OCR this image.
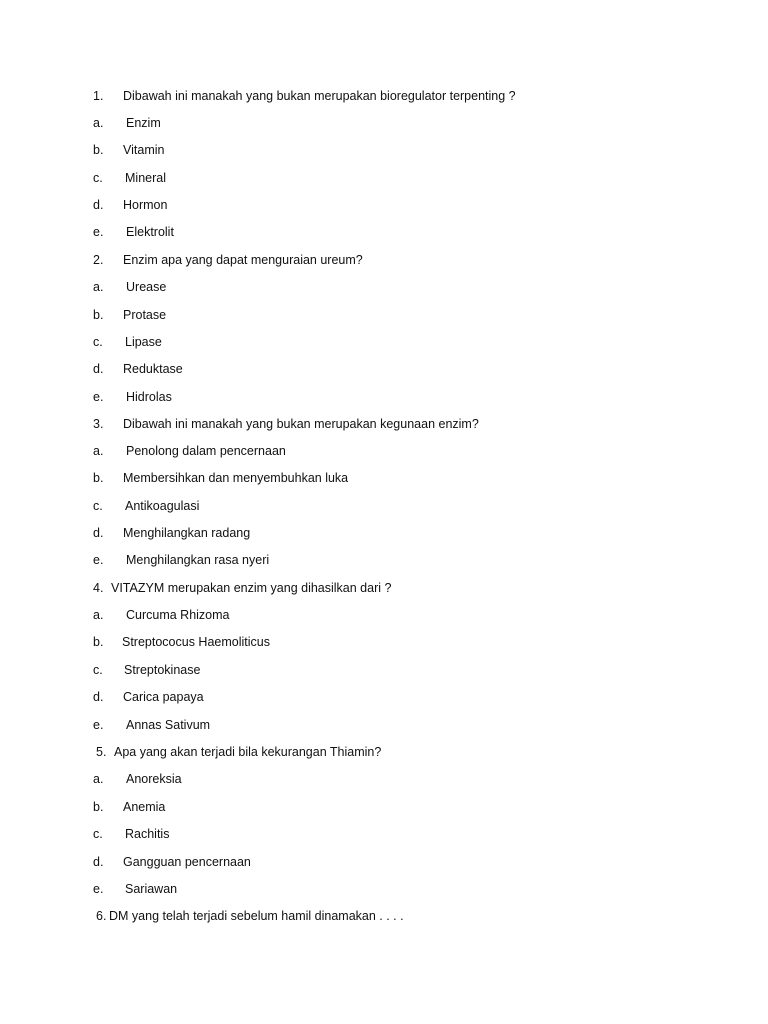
1. Dibawah ini manakah yang bukan merupakan bioregulator terpenting ?
a. Enzim
b. Vitamin
c. Mineral
d. Hormon
e. Elektrolit
2. Enzim apa yang dapat menguraian ureum?
a. Urease
b. Protase
c. Lipase
d. Reduktase
e. Hidrolas
3. Dibawah ini manakah yang bukan merupakan kegunaan enzim?
a. Penolong dalam pencernaan
b. Membersihkan dan menyembuhkan luka
c. Antikoagulasi
d. Menghilangkan radang
e. Menghilangkan rasa nyeri
4. VITAZYM merupakan enzim yang dihasilkan dari ?
a. Curcuma Rhizoma
b. Streptococus Haemoliticus
c. Streptokinase
d. Carica papaya
e. Annas Sativum
5. Apa yang akan terjadi bila kekurangan Thiamin?
a. Anoreksia
b. Anemia
c. Rachitis
d. Gangguan pencernaan
e. Sariawan
6. DM yang telah terjadi sebelum hamil dinamakan . . . .
